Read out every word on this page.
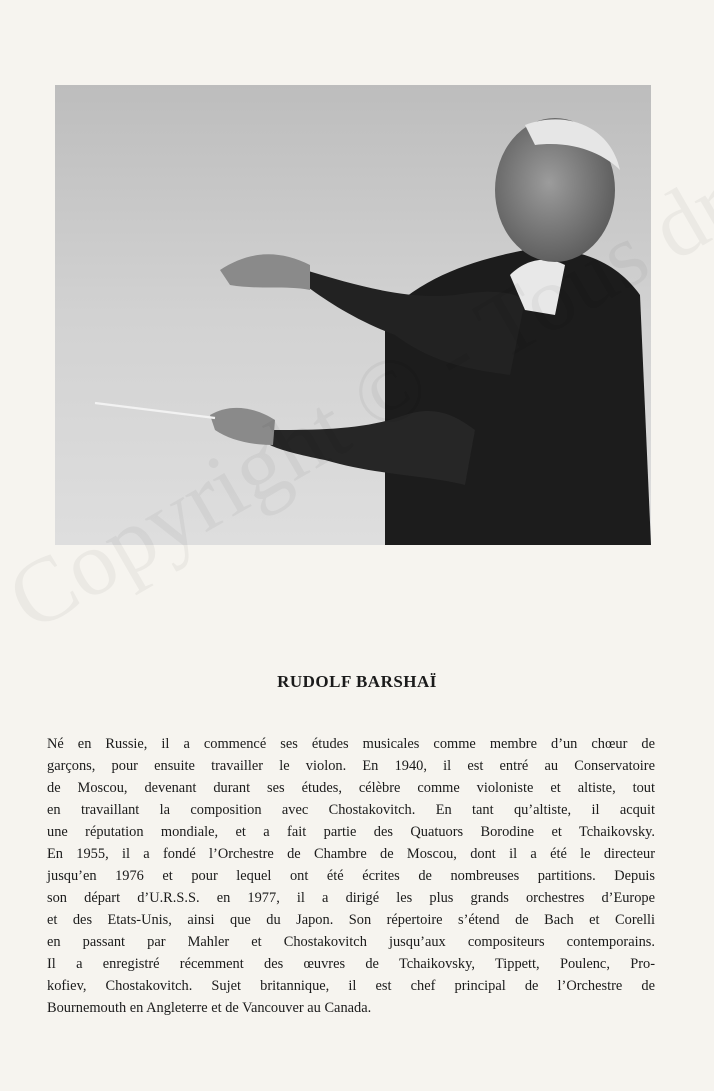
RUDOLF BARSHAÏ

Né en Russie, il a commencé ses études musicales comme membre d’un chœur de
garçons, pour ensuite travailler le violon. En 1940, il est entré au Conservatoire
de Moscou, devenant durant ses études, célèbre comme violoniste et altiste, tout
en travaillant la composition avec Chostakovitch. En tant qu’altiste, il acquit
une réputation mondiale, et a fait partie des Quatuors Borodine et Tchaikovsky.
En 1955, il a fondé l’Orchestre de Chambre de Moscou, dont il a été le directeur
jusqu’en 1976 et pour lequel ont été écrites de nombreuses partitions. Depuis
son départ d’U.R.S.S. en 1977, il a dirigé les plus grands orchestres d’Europe
et des Etats-Unis, ainsi que du Japon. Son répertoire s’étend de Bach et Corelli
en passant par Mahler et Chostakovitch jusqu’aux compositeurs contemporains.
Il a enregistré récemment des œuvres de Tchaikovsky, Tippett, Poulenc, Pro-
kofiev, Chostakovitch. Sujet britannique, il est chef principal de l’Orchestre de
Bournemouth en Angleterre et de Vancouver au Canada.
